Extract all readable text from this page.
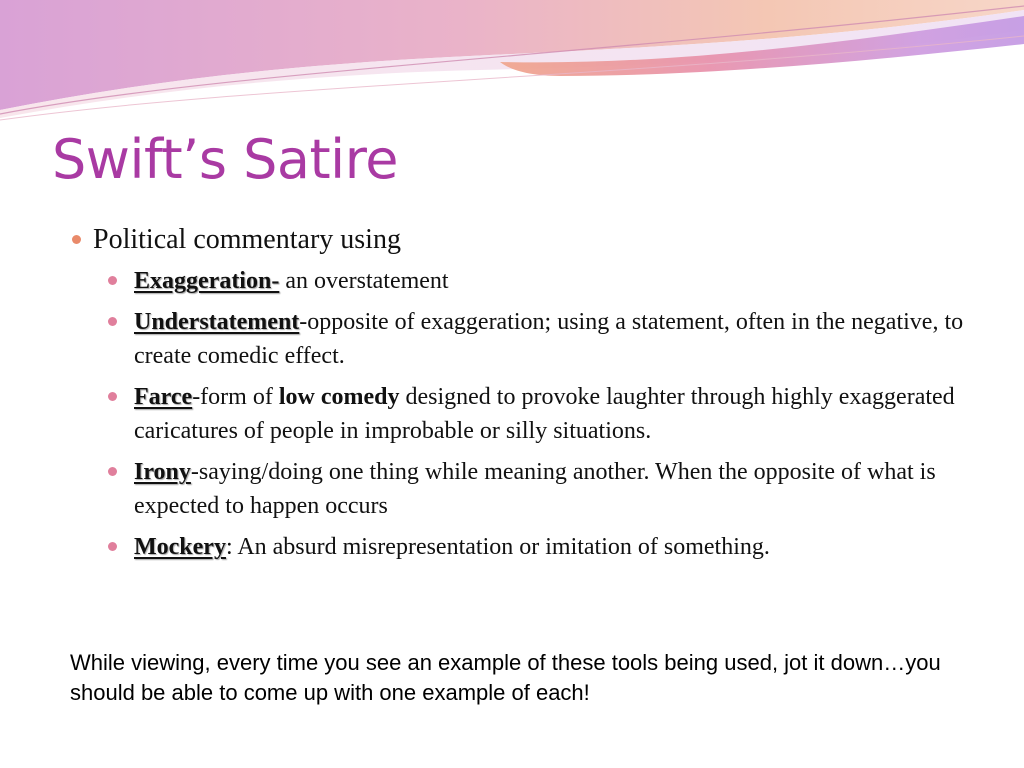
Swift’s Satire
Political commentary using
Exaggeration- an overstatement
Understatement-opposite of exaggeration; using a statement, often in the negative, to create comedic effect.
Farce-form of low comedy designed to provoke laughter through highly exaggerated caricatures of people in improbable or silly situations.
Irony-saying/doing one thing while meaning another. When the opposite of what is expected to happen occurs
Mockery: An absurd misrepresentation or imitation of something.

While viewing, every time you see an example of these tools being used, jot it down…you should be able to come up with one example of each!
